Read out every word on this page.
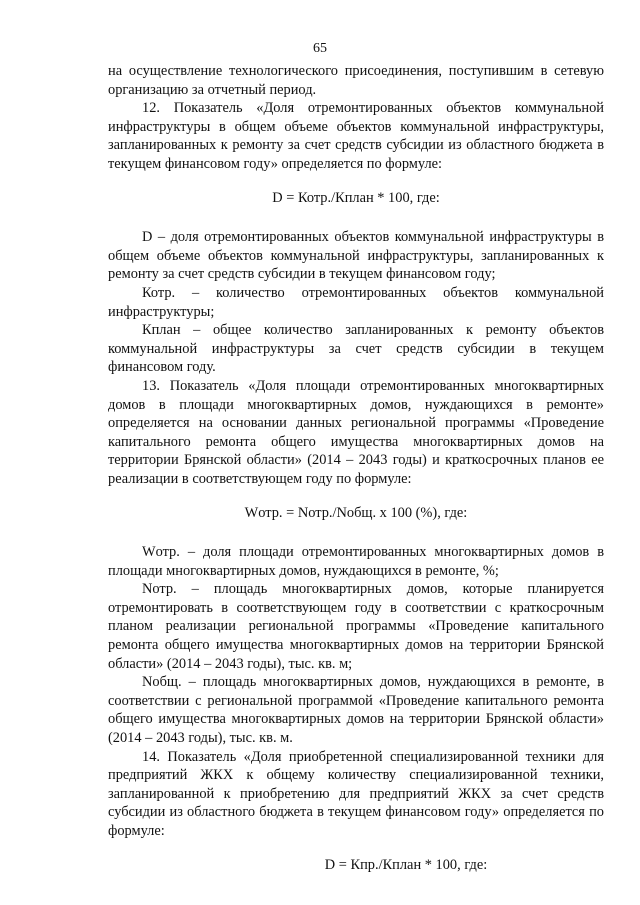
65

на осуществление технологического присоединения, поступившим в сетевую организацию за отчетный период.

12. Показатель «Доля отремонтированных объектов коммунальной инфраструктуры в общем объеме объектов коммунальной инфраструктуры, запланированных к ремонту за счет средств субсидии из областного бюджета в текущем финансовом году» определяется по формуле:

D = Котр./Кплан * 100, где:

D – доля отремонтированных объектов коммунальной инфраструктуры в общем объеме объектов коммунальной инфраструктуры, запланированных к ремонту за счет средств субсидии в текущем финансовом году;

Котр. – количество отремонтированных объектов коммунальной инфраструктуры;

Кплан – общее количество запланированных к ремонту объектов коммунальной инфраструктуры за счет средств субсидии в текущем финансовом году.

13. Показатель «Доля площади отремонтированных многоквартирных домов в площади многоквартирных домов, нуждающихся в ремонте» определяется на основании данных региональной программы «Проведение капитального ремонта общего имущества многоквартирных домов на территории Брянской области» (2014 – 2043 годы) и краткосрочных планов ее реализации в соответствующем году по формуле:

Wотр. = Nотр./Nобщ. х 100 (%), где:

Wотр. – доля площади отремонтированных многоквартирных домов в площади многоквартирных домов, нуждающихся в ремонте, %;

Nотр. – площадь многоквартирных домов, которые планируется отремонтировать в соответствующем году в соответствии с краткосрочным планом реализации региональной программы «Проведение капитального ремонта общего имущества многоквартирных домов на территории Брянской области» (2014 – 2043 годы), тыс. кв. м;

Nобщ. – площадь многоквартирных домов, нуждающихся в ремонте, в соответствии с региональной программой «Проведение капитального ремонта общего имущества многоквартирных домов на территории Брянской области» (2014 – 2043 годы), тыс. кв. м.

14. Показатель «Доля приобретенной специализированной техники для предприятий ЖКХ к общему количеству специализированной техники, запланированной к приобретению для предприятий ЖКХ за счет средств субсидии из областного бюджета в текущем финансовом году» определяется по формуле:

D = Кпр./Кплан * 100, где:
